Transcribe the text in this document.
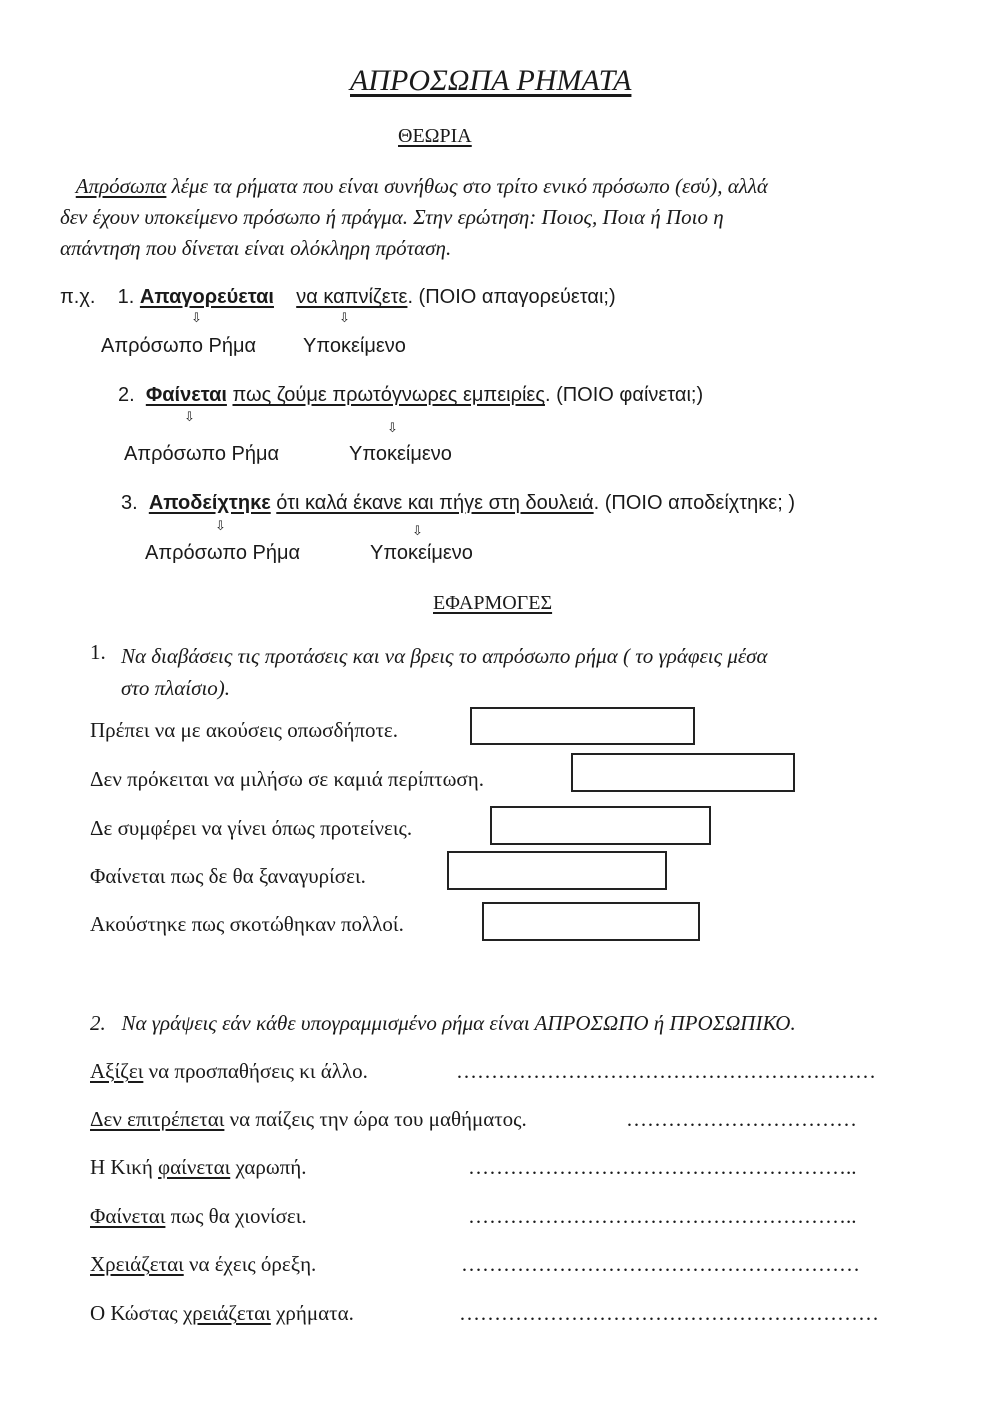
ΑΠΡΟΣΩΠΑ ΡΗΜΑΤΑ
ΘΕΩΡΙΑ
Απρόσωπα λέμε τα ρήματα που είναι συνήθως στο τρίτο ενικό πρόσωπο (εσύ), αλλά
δεν έχουν υποκείμενο πρόσωπο ή πράγμα. Στην ερώτηση: Ποιος, Ποια ή Ποιο η
απάντηση που δίνεται είναι ολόκληρη πρόταση.
π.χ. 1. Απαγορεύεται να καπνίζετε. (ΠΟΙΟ απαγορεύεται;)
⇩	⇩
Απρόσωπο Ρήμα Υποκείμενο
2. Φαίνεται πως ζούμε πρωτόγνωρες εμπειρίες. (ΠΟΙΟ φαίνεται;)
⇩
⇩
Απρόσωπο Ρήμα	Υποκείμενο
3. Αποδείχτηκε ότι καλά έκανε και πήγε στη δουλειά. (ΠΟΙΟ αποδείχτηκε; )
⇩	⇩
Απρόσωπο Ρήμα	Υποκείμενο
ΕΦΑΡΜΟΓΕΣ
1. Να διαβάσεις τις προτάσεις και να βρεις το απρόσωπο ρήμα ( το γράφεις μέσα
στο πλαίσιο).
Πρέπει να με ακούσεις οπωσδήποτε.
Δεν πρόκειται να μιλήσω σε καμιά περίπτωση.
Δε συμφέρει να γίνει όπως προτείνεις.
Φαίνεται πως δε θα ξαναγυρίσει.
Ακούστηκε πως σκοτώθηκαν πολλοί.
2. Να γράψεις εάν κάθε υπογραμμισμένο ρήμα είναι ΑΠΡΟΣΩΠΟ ή ΠΡΟΣΩΠΙΚΟ.
Αξίζει να προσπαθήσεις κι άλλο.	……………………………………………………
Δεν επιτρέπεται να παίζεις την ώρα του μαθήματος.	……………………………
Η Κική φαίνεται χαρωπή.	………………………………………………..
Φαίνεται πως θα χιονίσει.	………………………………………………..
Χρειάζεται να έχεις όρεξη.	…………………………………………………
Ο Κώστας χρειάζεται χρήματα.	……………………………………………………
